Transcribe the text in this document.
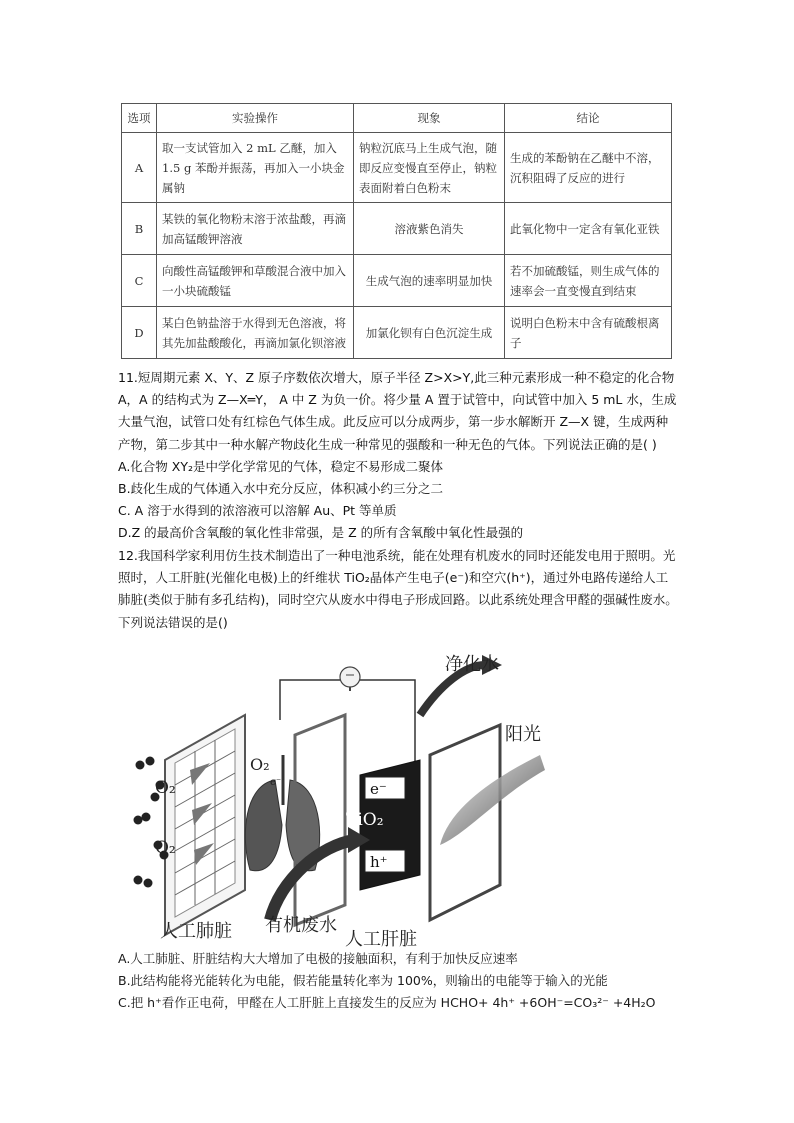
选项	实验操作	现象	结论
A	取一支试管加入 2 mL 乙醚，加入 1.5 g 苯酚并振荡，再加入一小块金属钠	钠粒沉底马上生成气泡，随即反应变慢直至停止，钠粒表面附着白色粉末	生成的苯酚钠在乙醚中不溶，沉积阻碍了反应的进行
B	某铁的氧化物粉末溶于浓盐酸，再滴加高锰酸钾溶液	溶液紫色消失	此氧化物中一定含有氧化亚铁
C	向酸性高锰酸钾和草酸混合液中加入一小块硫酸锰	生成气泡的速率明显加快	若不加硫酸锰，则生成气体的速率会一直变慢直到结束
D	某白色钠盐溶于水得到无色溶液，将其先加盐酸酸化，再滴加氯化钡溶液	加氯化钡有白色沉淀生成	说明白色粉末中含有硫酸根离子

11.短周期元素 X、Y、Z 原子序数依次增大，原子半径 Z>X>Y,此三种元素形成一种不稳定的化合物 A，A 的结构式为 Z—X═Y， A 中 Z 为负一价。将少量 A 置于试管中，向试管中加入 5 mL 水，生成大量气泡，试管口处有红棕色气体生成。此反应可以分成两步，第一步水解断开 Z—X 键，生成两种产物，第二步其中一种水解产物歧化生成一种常见的强酸和一种无色的气体。下列说法正确的是( )

A.化合物 XY₂是中学化学常见的气体，稳定不易形成二聚体

B.歧化生成的气体通入水中充分反应，体积减小约三分之二

C. A 溶于水得到的浓溶液可以溶解 Au、Pt 等单质

D.Z 的最高价含氧酸的氧化性非常强，是 Z 的所有含氧酸中氧化性最强的

12.我国科学家利用仿生技术制造出了一种电池系统，能在处理有机废水的同时还能发电用于照明。光照时，人工肝脏(光催化电极)上的纤维状 TiO₂晶体产生电子(e⁻)和空穴(h⁺)，通过外电路传递给人工肺脏(类似于肺有多孔结构)，同时空穴从废水中得电子形成回路。以此系统处理含甲醛的强碱性废水。下列说法错误的是()

净化水
阳光
O₂
O₂
O₂
e⁻	e⁻
TiO₂
h⁺
人工肺脏 有机废水
人工肝脏

A.人工肺脏、肝脏结构大大增加了电极的接触面积，有利于加快反应速率

B.此结构能将光能转化为电能，假若能量转化率为 100%，则输出的电能等于输入的光能

C.把 h⁺看作正电荷，甲醛在人工肝脏上直接发生的反应为 HCHO+ 4h⁺ +6OH⁻=CO₃²⁻ +4H₂O
